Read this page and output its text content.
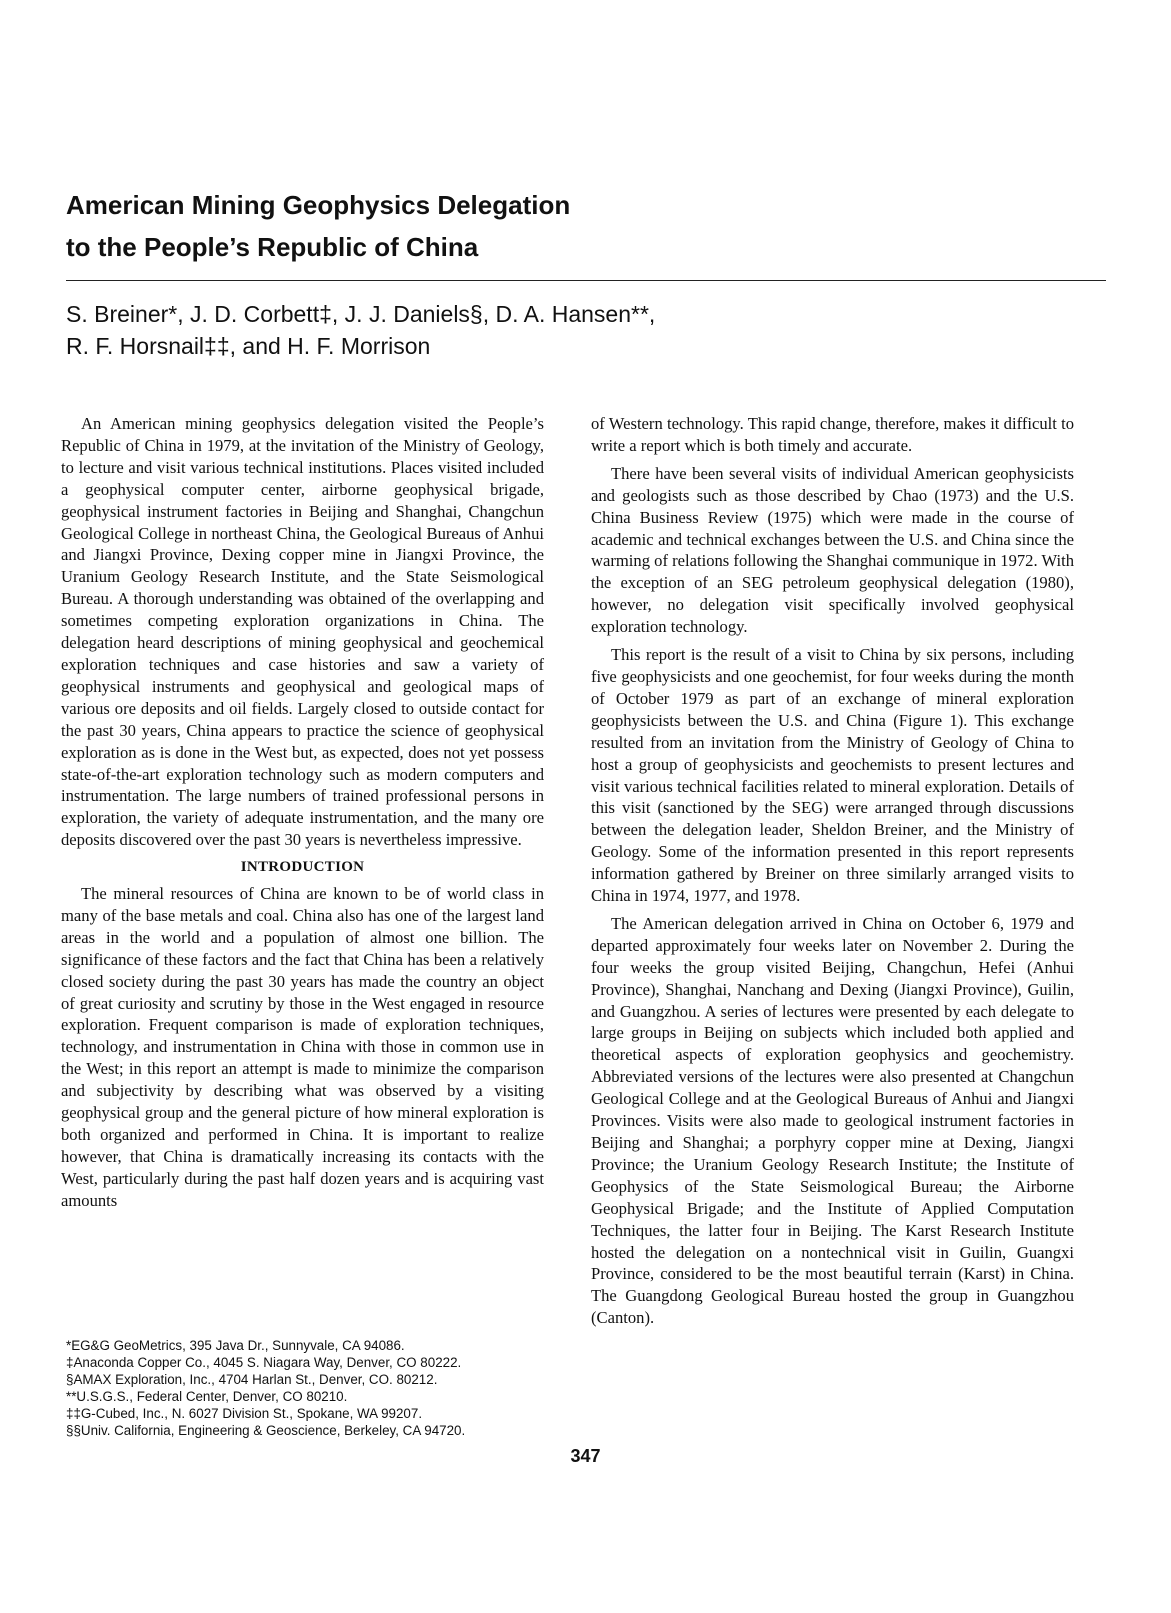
American Mining Geophysics Delegation
to the People’s Republic of China
S. Breiner*, J. D. Corbett‡, J. J. Daniels§, D. A. Hansen**,
R. F. Horsnail‡‡, and H. F. Morrison

An American mining geophysics delegation visited the People’s Republic of China in 1979, at the invitation of the Ministry of Geology, to lecture and visit various technical institutions. Places visited included a geophysical computer center, airborne geophysical brigade, geophysical instrument factories in Beijing and Shanghai, Changchun Geological College in northeast China, the Geological Bureaus of Anhui and Jiangxi Province, Dexing copper mine in Jiangxi Province, the Uranium Geology Research Institute, and the State Seismological Bureau. A thorough understanding was obtained of the overlapping and sometimes competing exploration organizations in China. The delegation heard descriptions of mining geophysical and geochemical exploration techniques and case histories and saw a variety of geophysical instruments and geophysical and geological maps of various ore deposits and oil fields. Largely closed to outside contact for the past 30 years, China appears to practice the science of geophysical exploration as is done in the West but, as expected, does not yet possess state-of-the-art exploration technology such as modern computers and instrumentation. The large numbers of trained professional persons in exploration, the variety of adequate instrumentation, and the many ore deposits discovered over the past 30 years is nevertheless impressive.

INTRODUCTION

The mineral resources of China are known to be of world class in many of the base metals and coal. China also has one of the largest land areas in the world and a population of almost one billion. The significance of these factors and the fact that China has been a relatively closed society during the past 30 years has made the country an object of great curiosity and scrutiny by those in the West engaged in resource exploration. Frequent comparison is made of exploration techniques, technology, and instrumentation in China with those in common use in the West; in this report an attempt is made to minimize the comparison and subjectivity by describing what was observed by a visiting geophysical group and the general picture of how mineral exploration is both organized and performed in China. It is important to realize however, that China is dramatically increasing its contacts with the West, particularly during the past half dozen years and is acquiring vast amounts

of Western technology. This rapid change, therefore, makes it difficult to write a report which is both timely and accurate.

There have been several visits of individual American geophysicists and geologists such as those described by Chao (1973) and the U.S. China Business Review (1975) which were made in the course of academic and technical exchanges between the U.S. and China since the warming of relations following the Shanghai communique in 1972. With the exception of an SEG petroleum geophysical delegation (1980), however, no delegation visit specifically involved geophysical exploration technology.

This report is the result of a visit to China by six persons, including five geophysicists and one geochemist, for four weeks during the month of October 1979 as part of an exchange of mineral exploration geophysicists between the U.S. and China (Figure 1). This exchange resulted from an invitation from the Ministry of Geology of China to host a group of geophysicists and geochemists to present lectures and visit various technical facilities related to mineral exploration. Details of this visit (sanctioned by the SEG) were arranged through discussions between the delegation leader, Sheldon Breiner, and the Ministry of Geology. Some of the information presented in this report represents information gathered by Breiner on three similarly arranged visits to China in 1974, 1977, and 1978.

The American delegation arrived in China on October 6, 1979 and departed approximately four weeks later on November 2. During the four weeks the group visited Beijing, Changchun, Hefei (Anhui Province), Shanghai, Nanchang and Dexing (Jiangxi Province), Guilin, and Guangzhou. A series of lectures were presented by each delegate to large groups in Beijing on subjects which included both applied and theoretical aspects of exploration geophysics and geochemistry. Abbreviated versions of the lectures were also presented at Changchun Geological College and at the Geological Bureaus of Anhui and Jiangxi Provinces. Visits were also made to geological instrument factories in Beijing and Shanghai; a porphyry copper mine at Dexing, Jiangxi Province; the Uranium Geology Research Institute; the Institute of Geophysics of the State Seismological Bureau; the Airborne Geophysical Brigade; and the Institute of Applied Computation Techniques, the latter four in Beijing. The Karst Research Institute hosted the delegation on a nontechnical visit in Guilin, Guangxi Province, considered to be the most beautiful terrain (Karst) in China. The Guangdong Geological Bureau hosted the group in Guangzhou (Canton).

*EG&G GeoMetrics, 395 Java Dr., Sunnyvale, CA 94086.
‡Anaconda Copper Co., 4045 S. Niagara Way, Denver, CO 80222.
§AMAX Exploration, Inc., 4704 Harlan St., Denver, CO. 80212.
**U.S.G.S., Federal Center, Denver, CO 80210.
‡‡G-Cubed, Inc., N. 6027 Division St., Spokane, WA 99207.
§§Univ. California, Engineering & Geoscience, Berkeley, CA 94720.
347
